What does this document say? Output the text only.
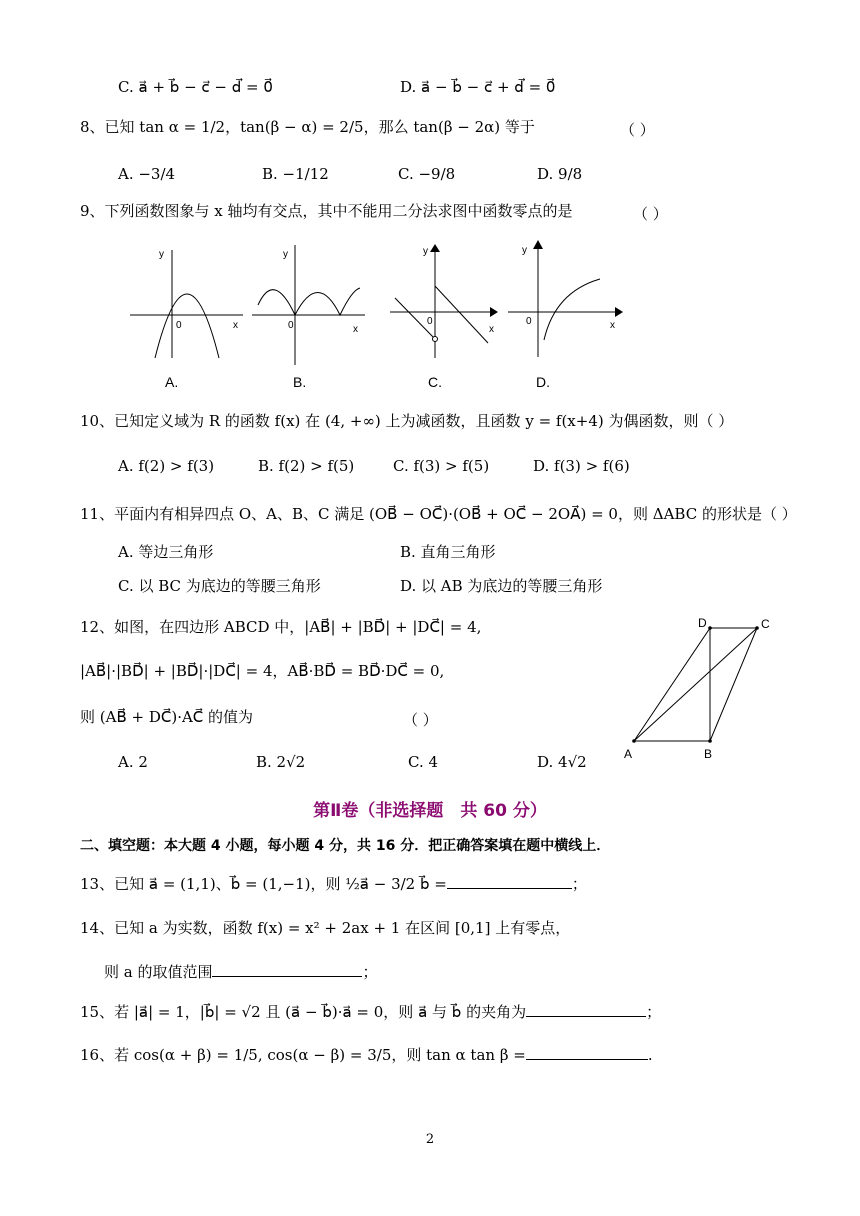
C. a⃗ + b⃗ − c⃗ − d⃗ = 0⃗	D. a⃗ − b⃗ − c⃗ + d⃗ = 0⃗
8、已知 tan α = 1/2，tan(β − α) = 2/5，那么 tan(β − 2α) 等于	（ ）
A. −3/4	B. −1/12	C. −9/8	D. 9/8
9、下列函数图象与 x 轴均有交点，其中不能用二分法求图中函数零点的是	（ ）
y
0	x
y
0	x
y
0
x
y
0	x
A.	B.	C.	D.
10、已知定义域为 R 的函数 f(x) 在 (4, +∞) 上为减函数，且函数 y = f(x+4) 为偶函数，则（ ）
A. f(2) > f(3)	B. f(2) > f(5)	C. f(3) > f(5)	D. f(3) > f(6)
11、平面内有相异四点 O、A、B、C 满足 (OB⃗ − OC⃗)·(OB⃗ + OC⃗ − 2OA⃗) = 0，则 ΔABC 的形状是（ ）
A. 等边三角形	B. 直角三角形
C. 以 BC 为底边的等腰三角形	D. 以 AB 为底边的等腰三角形
12、如图，在四边形 ABCD 中，|AB⃗| + |BD⃗| + |DC⃗| = 4,
|AB⃗|·|BD⃗| + |BD⃗|·|DC⃗| = 4，AB⃗·BD⃗ = BD⃗·DC⃗ = 0,
则 (AB⃗ + DC⃗)·AC⃗ 的值为	（ ）
A. 2	B. 2√2	C. 4	D. 4√2	A	B
D	C
第Ⅱ卷（非选择题　共 60 分）
二、填空题：本大题 4 小题，每小题 4 分，共 16 分．把正确答案填在题中横线上．
13、已知 a⃗ = (1,1)、b⃗ = (1,−1)，则 ½a⃗ − 3/2 b⃗ =	；
14、已知 a 为实数，函数 f(x) = x² + 2ax + 1 在区间 [0,1] 上有零点，
则 a 的取值范围	；
15、若 |a⃗| = 1，|b⃗| = √2 且 (a⃗ − b⃗)·a⃗ = 0，则 a⃗ 与 b⃗ 的夹角为	；
16、若 cos(α + β) = 1/5, cos(α − β) = 3/5，则 tan α tan β =	.
2
